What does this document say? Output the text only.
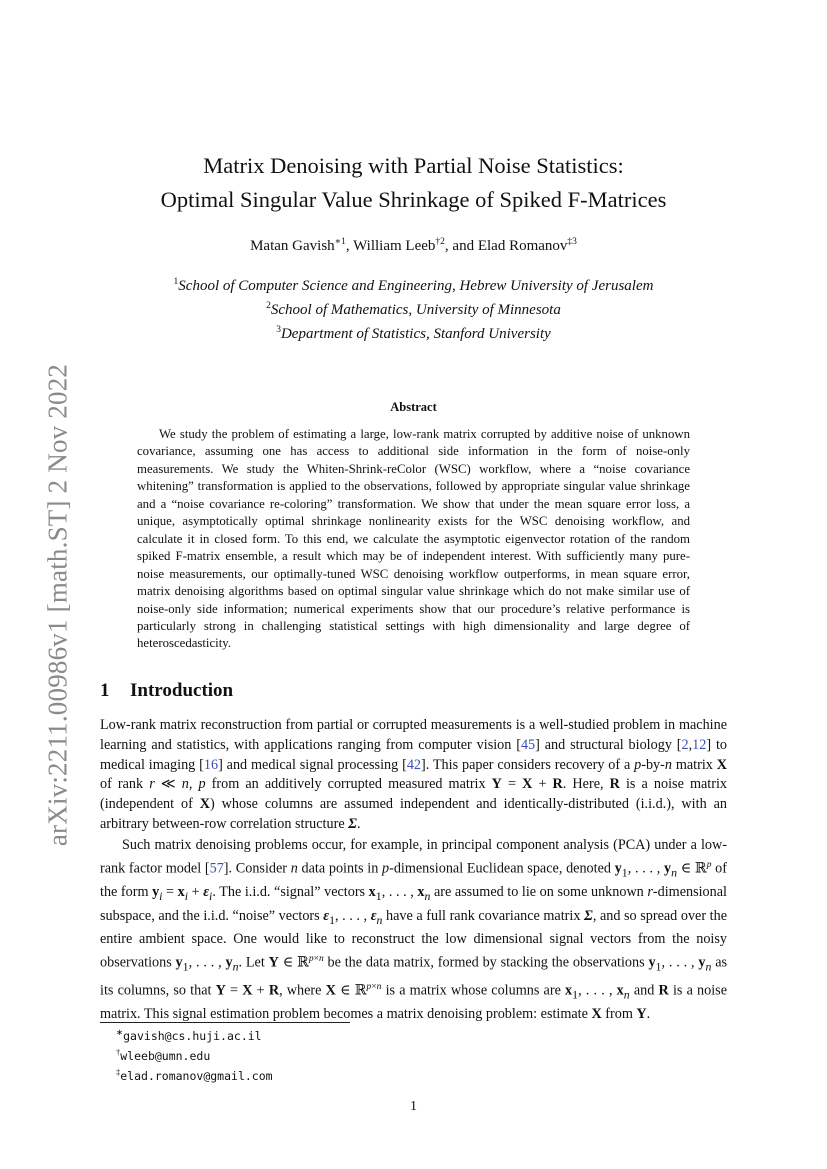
arXiv:2211.00986v1 [math.ST] 2 Nov 2022
Matrix Denoising with Partial Noise Statistics:
Optimal Singular Value Shrinkage of Spiked F-Matrices
Matan Gavish$^{∗1}$, William Leeb$^{\dagger 2}$, and Elad Romanov$^{\ddagger 3}$
$^1$School of Computer Science and Engineering, Hebrew University of Jerusalem
$^2$School of Mathematics, University of Minnesota
$^3$Department of Statistics, Stanford University
Abstract
We study the problem of estimating a large, low-rank matrix corrupted by additive noise of unknown covariance, assuming one has access to additional side information in the form of noise-only measurements. We study the Whiten-Shrink-reColor (WSC) workflow, where a “noise covariance whitening” transformation is applied to the observations, followed by appropriate singular value shrinkage and a “noise covariance re-coloring” transformation. We show that under the mean square error loss, a unique, asymptotically optimal shrinkage nonlinearity exists for the WSC denoising workflow, and calculate it in closed form. To this end, we calculate the asymptotic eigenvector rotation of the random spiked F-matrix ensemble, a result which may be of independent interest. With sufficiently many pure-noise measurements, our optimally-tuned WSC denoising workflow outperforms, in mean square error, matrix denoising algorithms based on optimal singular value shrinkage which do not make similar use of noise-only side information; numerical experiments show that our procedure’s relative performance is particularly strong in challenging statistical settings with high dimensionality and large degree of heteroscedasticity.
1 Introduction

Low-rank matrix reconstruction from partial or corrupted measurements is a well-studied problem in machine learning and statistics, with applications ranging from computer vision [45] and structural biology [2,12] to medical imaging [16] and medical signal processing [42]. This paper considers recovery of a p-by-n matrix X of rank r ≪ n, p from an additively corrupted measured matrix Y = X + R. Here, R is a noise matrix (independent of X) whose columns are assumed independent and identically-distributed (i.i.d.), with an arbitrary between-row correlation structure Σ.

Such matrix denoising problems occur, for example, in principal component analysis (PCA) under a low-rank factor model [57]. Consider n data points in p-dimensional Euclidean space, denoted $y_1$, . . . , $y_n$ ∈ ℝ$^p$ of the form $y_i = x_i + \varepsilon_i$. The i.i.d. “signal” vectors $x_1$, . . . , $x_n$ are assumed to lie on some unknown r-dimensional subspace, and the i.i.d. “noise” vectors $\varepsilon_1$, . . . , $\varepsilon_n$ have a full rank covariance matrix Σ, and so spread over the entire ambient space. One would like to reconstruct the low dimensional signal vectors from the noisy observations $y_1$, . . . , $y_n$. Let Y ∈ ℝ$^{p\times n}$ be the data matrix, formed by stacking the observations $y_1$, . . . , $y_n$ as its columns, so that Y = X + R, where X ∈ ℝ$^{p\times n}$ is a matrix whose columns are $x_1$, . . . , $x_n$ and R is a noise matrix. This signal estimation problem becomes a matrix denoising problem: estimate X from Y.

∗gavish@cs.huji.ac.il
†wleeb@umn.edu
‡elad.romanov@gmail.com
1
